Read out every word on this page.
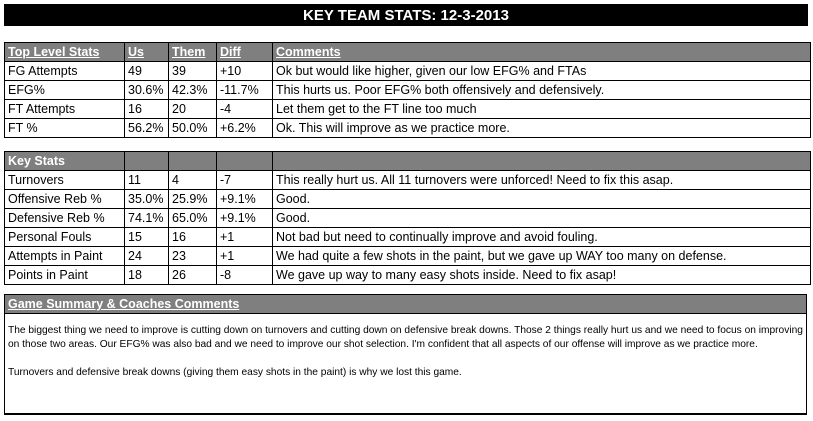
KEY TEAM STATS: 12-3-2013
Top Level Stats	Us	Them	Diff	Comments
FG Attempts	49	39	+10	Ok but would like higher, given our low EFG% and FTAs
EFG%	30.6%	42.3%	-11.7%	This hurts us. Poor EFG% both offensively and defensively.
FT Attempts	16	20	-4	Let them get to the FT line too much
FT %	56.2%	50.0%	+6.2%	Ok. This will improve as we practice more.
Key Stats				
Turnovers	11	4	-7	This really hurt us. All 11 turnovers were unforced! Need to fix this asap.
Offensive Reb %	35.0%	25.9%	+9.1%	Good.
Defensive Reb %	74.1%	65.0%	+9.1%	Good.
Personal Fouls	15	16	+1	Not bad but need to continually improve and avoid fouling.
Attempts in Paint	24	23	+1	We had quite a few shots in the paint, but we gave up WAY too many on defense.
Points in Paint	18	26	-8	We gave up way to many easy shots inside. Need to fix asap!
Game Summary & Coaches Comments

The biggest thing we need to improve is cutting down on turnovers and cutting down on defensive break downs. Those 2 things really hurt us and we need to focus on improving on those two areas. Our EFG% was also bad and we need to improve our shot selection. I'm confident that all aspects of our offense will improve as we practice more.

Turnovers and defensive break downs (giving them easy shots in the paint) is why we lost this game.
